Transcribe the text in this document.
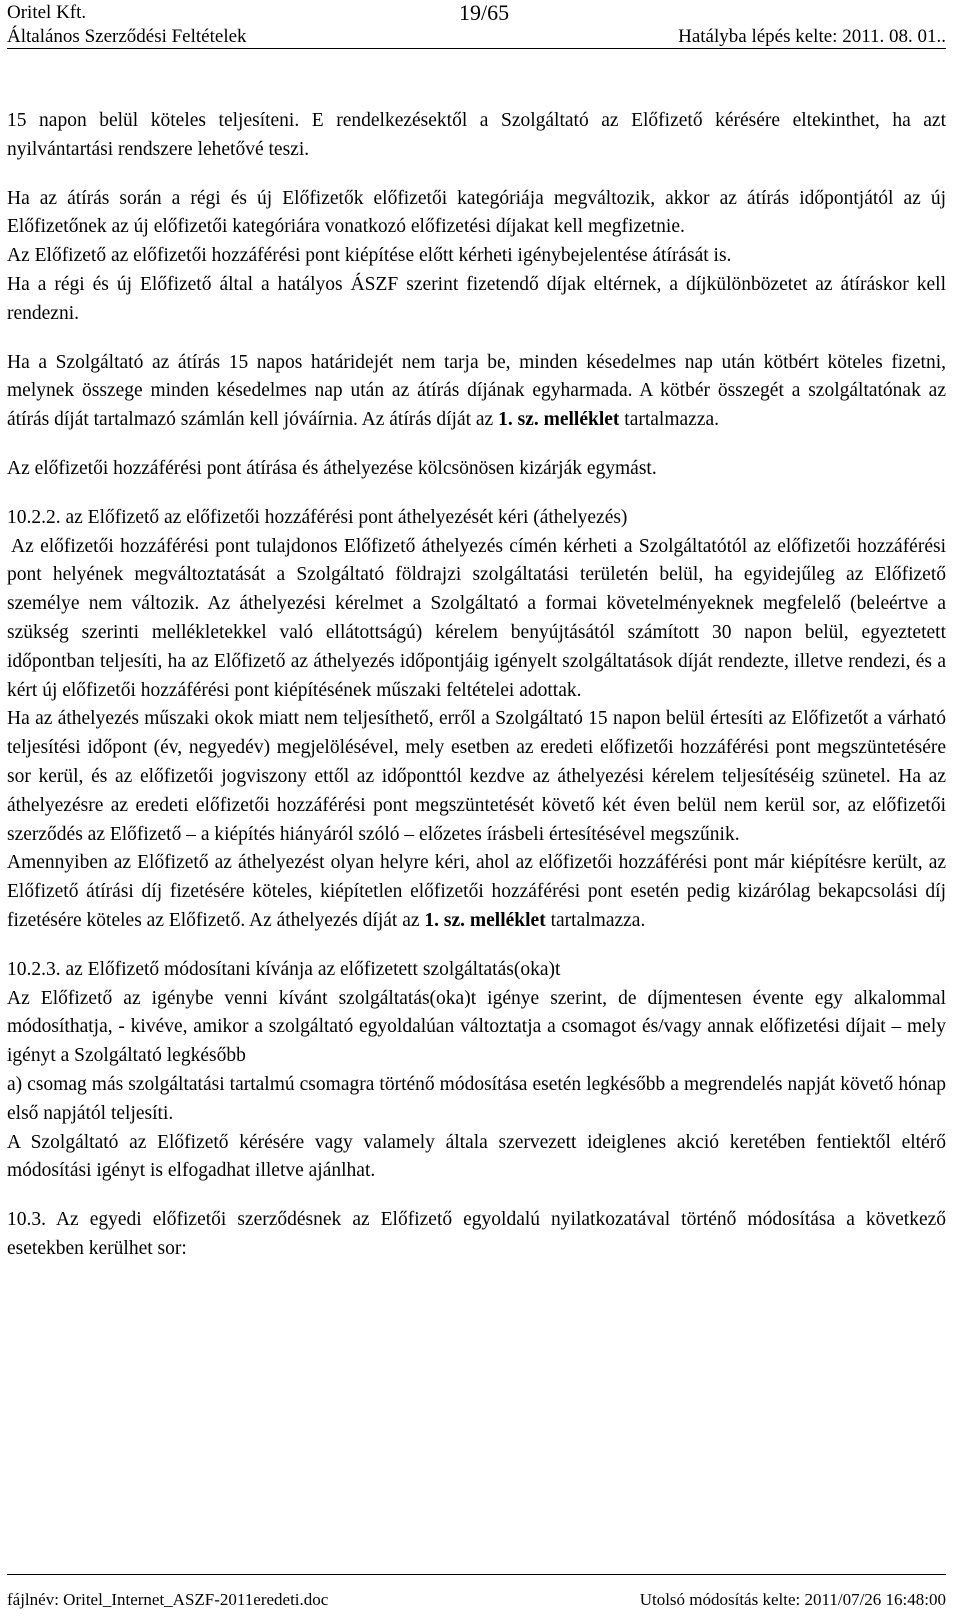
Oritel Kft.	19/65
Általános Szerződési Feltételek	Hatályba lépés kelte: 2011. 08. 01..

15 napon belül köteles teljesíteni. E rendelkezésektől a Szolgáltató az Előfizető kérésére eltekinthet, ha azt nyilvántartási rendszere lehetővé teszi.

Ha az átírás során a régi és új Előfizetők előfizetői kategóriája megváltozik, akkor az átírás időpontjától az új Előfizetőnek az új előfizetői kategóriára vonatkozó előfizetési díjakat kell megfizetnie.

Az Előfizető az előfizetői hozzáférési pont kiépítése előtt kérheti igénybejelentése átírását is.

Ha a régi és új Előfizető által a hatályos ÁSZF szerint fizetendő díjak eltérnek, a díjkülönbözetet az átíráskor kell rendezni.

Ha a Szolgáltató az átírás 15 napos határidejét nem tarja be, minden késedelmes nap után kötbért köteles fizetni, melynek összege minden késedelmes nap után az átírás díjának egyharmada. A kötbér összegét a szolgáltatónak az átírás díját tartalmazó számlán kell jóváírnia. Az átírás díját az 1. sz. melléklet tartalmazza.

Az előfizetői hozzáférési pont átírása és áthelyezése kölcsönösen kizárják egymást.

10.2.2. az Előfizető az előfizetői hozzáférési pont áthelyezését kéri (áthelyezés)

Az előfizetői hozzáférési pont tulajdonos Előfizető áthelyezés címén kérheti a Szolgáltatótól az előfizetői hozzáférési pont helyének megváltoztatását a Szolgáltató földrajzi szolgáltatási területén belül, ha egyidejűleg az Előfizető személye nem változik. Az áthelyezési kérelmet a Szolgáltató a formai követelményeknek megfelelő (beleértve a szükség szerinti mellékletekkel való ellátottságú) kérelem benyújtásától számított 30 napon belül, egyeztetett időpontban teljesíti, ha az Előfizető az áthelyezés időpontjáig igényelt szolgáltatások díját rendezte, illetve rendezi, és a kért új előfizetői hozzáférési pont kiépítésének műszaki feltételei adottak.

Ha az áthelyezés műszaki okok miatt nem teljesíthető, erről a Szolgáltató 15 napon belül értesíti az Előfizetőt a várható teljesítési időpont (év, negyedév) megjelölésével, mely esetben az eredeti előfizetői hozzáférési pont megszüntetésére sor kerül, és az előfizetői jogviszony ettől az időponttól kezdve az áthelyezési kérelem teljesítéséig szünetel. Ha az áthelyezésre az eredeti előfizetői hozzáférési pont megszüntetését követő két éven belül nem kerül sor, az előfizetői szerződés az Előfizető – a kiépítés hiányáról szóló – előzetes írásbeli értesítésével megszűnik.

Amennyiben az Előfizető az áthelyezést olyan helyre kéri, ahol az előfizetői hozzáférési pont már kiépítésre került, az Előfizető átírási díj fizetésére köteles, kiépítetlen előfizetői hozzáférési pont esetén pedig kizárólag bekapcsolási díj fizetésére köteles az Előfizető. Az áthelyezés díját az 1. sz. melléklet tartalmazza.

10.2.3. az Előfizető módosítani kívánja az előfizetett szolgáltatás(oka)t

Az Előfizető az igénybe venni kívánt szolgáltatás(oka)t igénye szerint, de díjmentesen évente egy alkalommal módosíthatja, - kivéve, amikor a szolgáltató egyoldalúan változtatja a csomagot és/vagy annak előfizetési díjait – mely igényt a Szolgáltató legkésőbb

a) csomag más szolgáltatási tartalmú csomagra történő módosítása esetén legkésőbb a megrendelés napját követő hónap első napjától teljesíti.

A Szolgáltató az Előfizető kérésére vagy valamely általa szervezett ideiglenes akció keretében fentiektől eltérő módosítási igényt is elfogadhat illetve ajánlhat.

10.3. Az egyedi előfizetői szerződésnek az Előfizető egyoldalú nyilatkozatával történő módosítása a következő esetekben kerülhet sor:

fájlnév: Oritel_Internet_ASZF-2011eredeti.doc	Utolsó módosítás kelte: 2011/07/26 16:48:00
